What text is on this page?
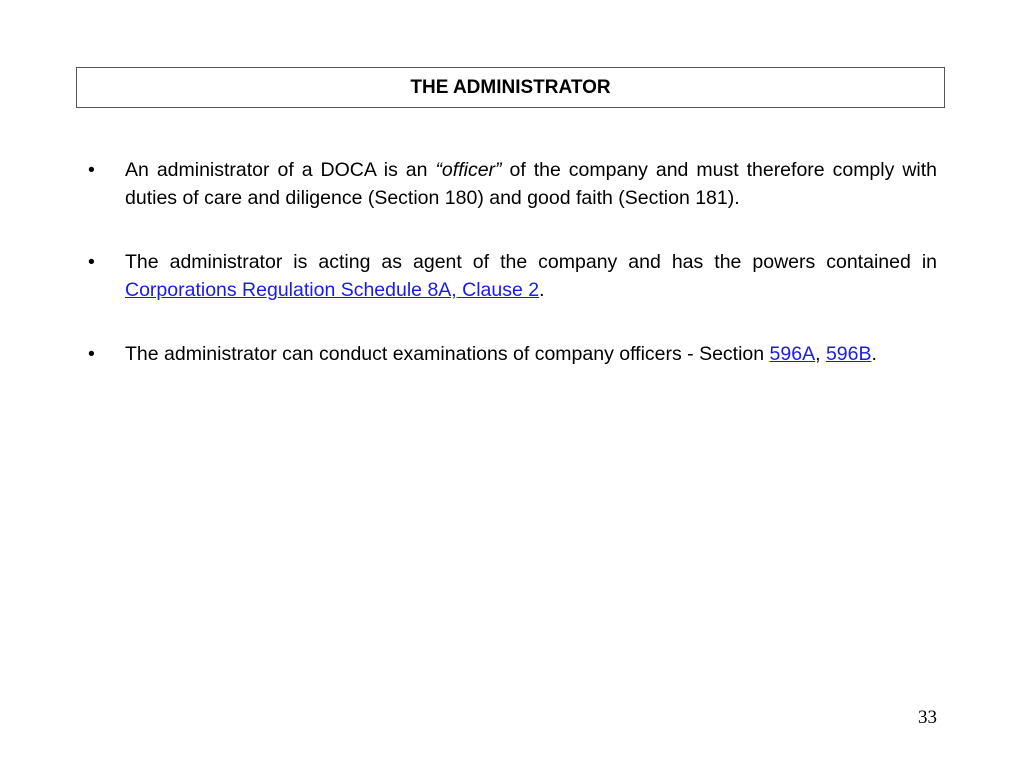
THE ADMINISTRATOR
•	An administrator of a DOCA is an “officer” of the company and must therefore comply with duties of care and diligence (Section 180) and good faith (Section 181).
•	The administrator is acting as agent of the company and has the powers contained in Corporations Regulation Schedule 8A, Clause 2.
•	The administrator can conduct examinations of company officers - Section 596A, 596B.
33
